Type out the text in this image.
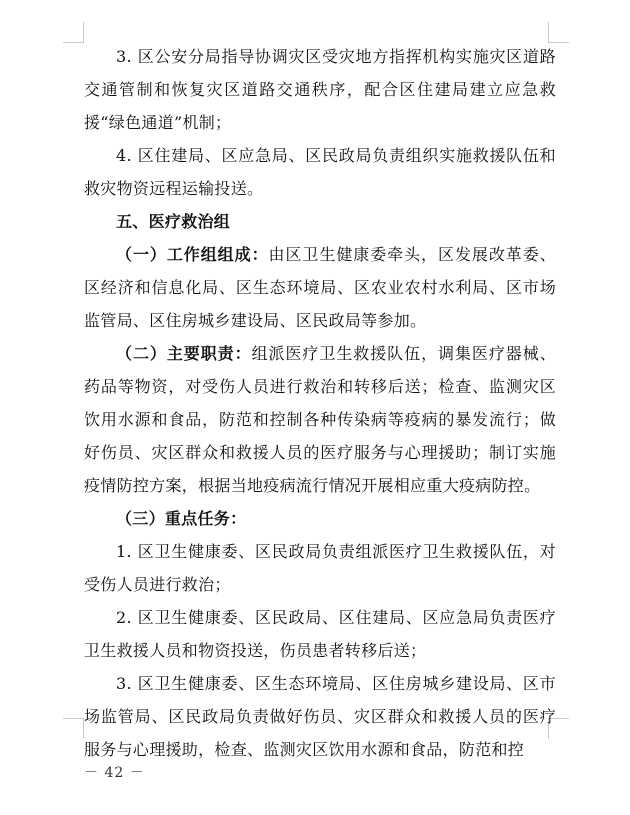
3. 区公安分局指导协调灾区受灾地方指挥机构实施灾区道路交通管制和恢复灾区道路交通秩序，配合区住建局建立应急救援“绿色通道”机制；

4. 区住建局、区应急局、区民政局负责组织实施救援队伍和救灾物资远程运输投送。

五、医疗救治组

（一）工作组组成：由区卫生健康委牵头，区发展改革委、区经济和信息化局、区生态环境局、区农业农村水利局、区市场监管局、区住房城乡建设局、区民政局等参加。

（二）主要职责：组派医疗卫生救援队伍，调集医疗器械、药品等物资，对受伤人员进行救治和转移后送；检查、监测灾区饮用水源和食品，防范和控制各种传染病等疫病的暴发流行；做好伤员、灾区群众和救援人员的医疗服务与心理援助；制订实施疫情防控方案，根据当地疫病流行情况开展相应重大疫病防控。

（三）重点任务：

1. 区卫生健康委、区民政局负责组派医疗卫生救援队伍，对受伤人员进行救治；

2. 区卫生健康委、区民政局、区住建局、区应急局负责医疗卫生救援人员和物资投送，伤员患者转移后送；

3. 区卫生健康委、区生态环境局、区住房城乡建设局、区市场监管局、区民政局负责做好伤员、灾区群众和救援人员的医疗服务与心理援助，检查、监测灾区饮用水源和食品，防范和控

－ 42 －
